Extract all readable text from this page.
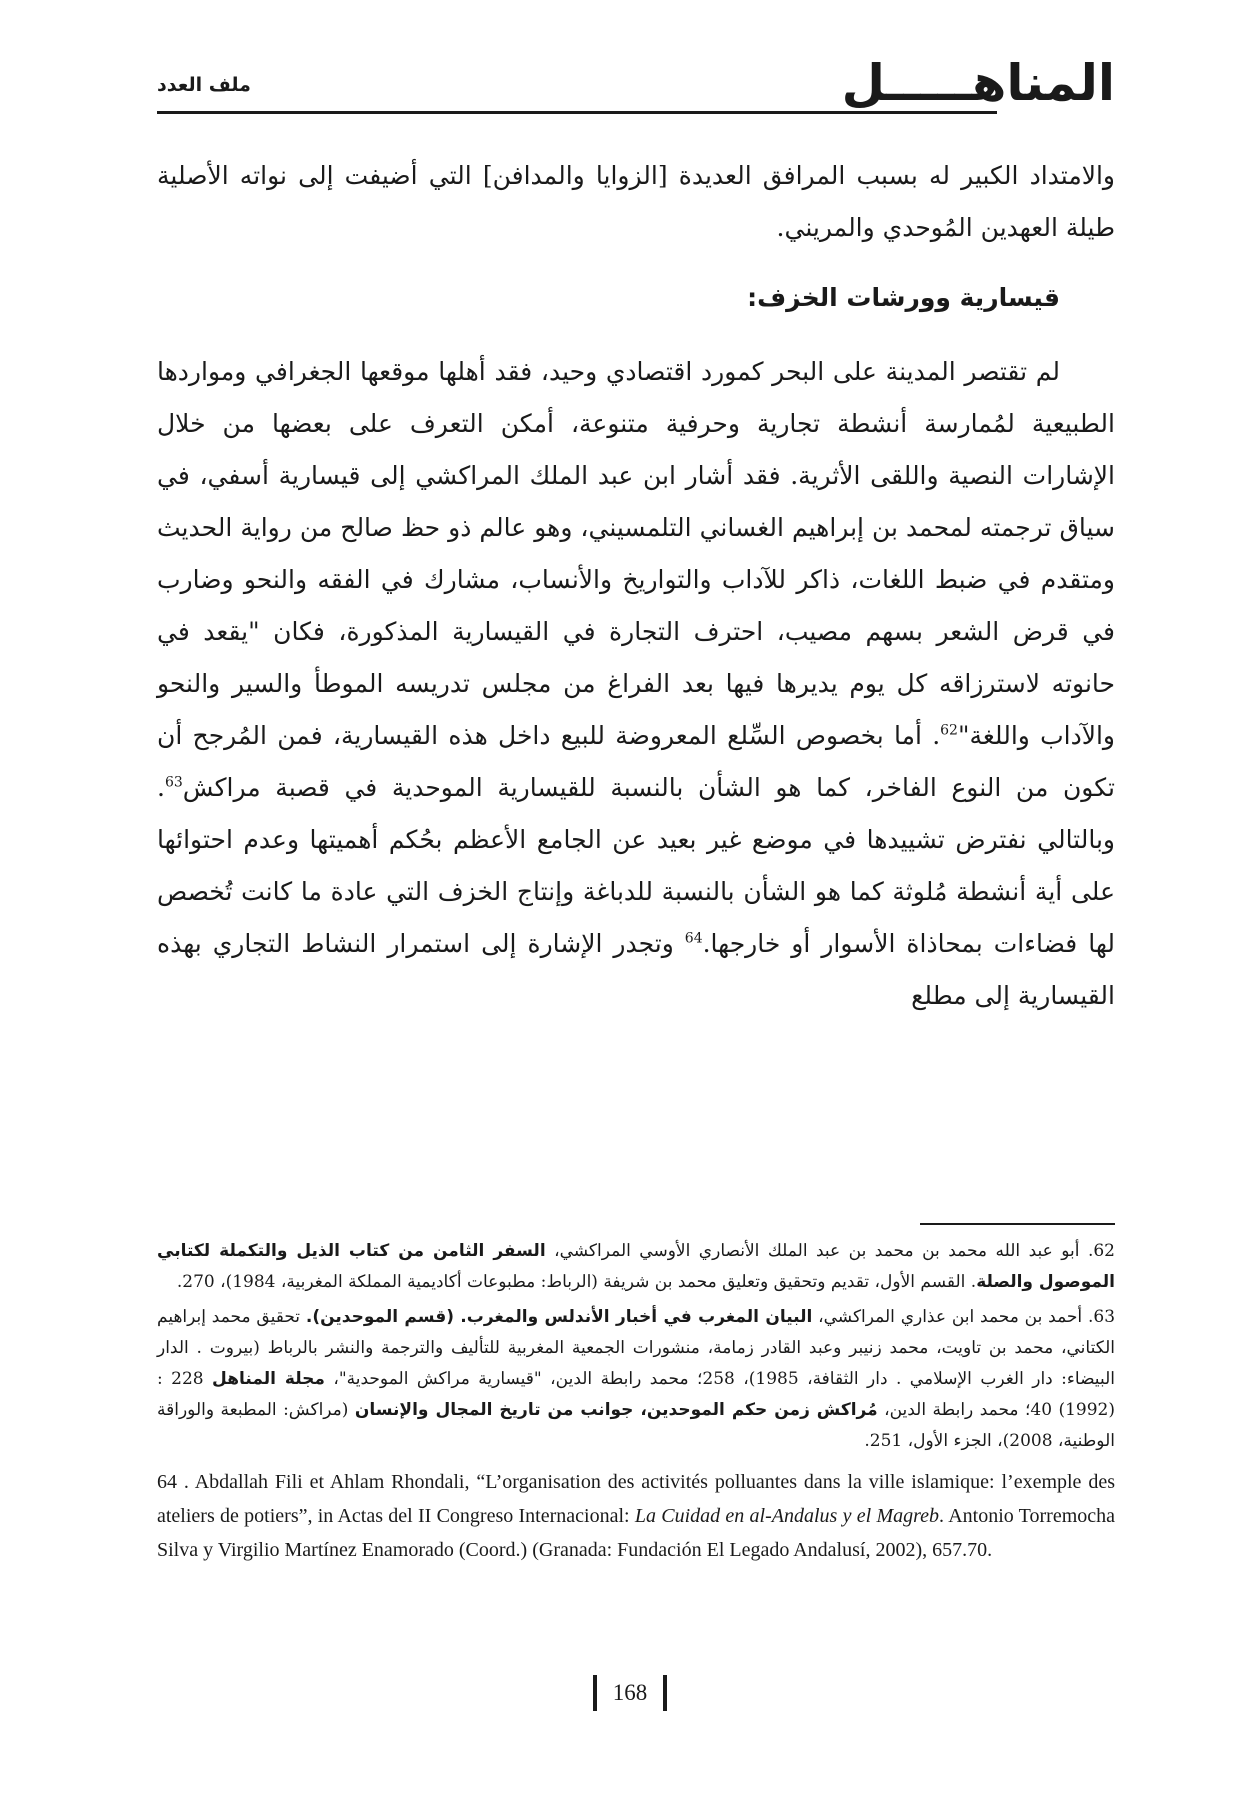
ملف العدد	المناهـــــل

والامتداد الكبير له بسبب المرافق العديدة [الزوايا والمدافن] التي أضيفت إلى نواته الأصلية طيلة العهدين المُوحدي والمريني.

قيسارية وورشات الخزف:

لم تقتصر المدينة على البحر كمورد اقتصادي وحيد، فقد أهلها موقعها الجغرافي ومواردها الطبيعية لمُمارسة أنشطة تجارية وحرفية متنوعة، أمكن التعرف على بعضها من خلال الإشارات النصية واللقى الأثرية. فقد أشار ابن عبد الملك المراكشي إلى قيسارية أسفي، في سياق ترجمته لمحمد بن إبراهيم الغساني التلمسيني، وهو عالم ذو حظ صالح من رواية الحديث ومتقدم في ضبط اللغات، ذاكر للآداب والتواريخ والأنساب، مشارك في الفقه والنحو وضارب في قرض الشعر بسهم مصيب، احترف التجارة في القيسارية المذكورة، فكان "يقعد في حانوته لاسترزاقه كل يوم يديرها فيها بعد الفراغ من مجلس تدريسه الموطأ والسير والنحو والآداب واللغة"$^{62}$. أما بخصوص السِّلع المعروضة للبيع داخل هذه القيسارية، فمن المُرجح أن تكون من النوع الفاخر، كما هو الشأن بالنسبة للقيسارية الموحدية في قصبة مراكش$^{63}$. وبالتالي نفترض تشييدها في موضع غير بعيد عن الجامع الأعظم بحُكم أهميتها وعدم احتوائها على أية أنشطة مُلوثة كما هو الشأن بالنسبة للدباغة وإنتاج الخزف التي عادة ما كانت تُخصص لها فضاءات بمحاذاة الأسوار أو خارجها.$^{64}$ وتجدر الإشارة إلى استمرار النشاط التجاري بهذه القيسارية إلى مطلع

62. أبو عبد الله محمد بن محمد بن عبد الملك الأنصاري الأوسي المراكشي، السفر الثامن من كتاب الذيل والتكملة لكتابي الموصول والصلة. القسم الأول، تقديم وتحقيق وتعليق محمد بن شريفة (الرباط: مطبوعات أكاديمية المملكة المغربية، 1984)، 270.

63. أحمد بن محمد ابن عذاري المراكشي، البيان المغرب في أخبار الأندلس والمغرب. (قسم الموحدين). تحقيق محمد إبراهيم الكتاني، محمد بن تاويت، محمد زنيبر وعبد القادر زمامة، منشورات الجمعية المغربية للتأليف والترجمة والنشر بالرباط (بيروت . الدار البيضاء: دار الغرب الإسلامي . دار الثقافة، 1985)، 258؛ محمد رابطة الدين، "قيسارية مراكش الموحدية"، مجلة المناهل 228 :(1992) 40؛ محمد رابطة الدين، مُراكش زمن حكم الموحدين، جوانب من تاريخ المجال والإنسان (مراكش: المطبعة والوراقة الوطنية، 2008)، الجزء الأول، 251.

64 . Abdallah Fili et Ahlam Rhondali, “L’organisation des activités polluantes dans la ville islamique: l’exemple des ateliers de potiers”, in Actas del II Congreso Internacional: La Cuidad en al-Andalus y el Magreb. Antonio Torremocha Silva y Virgilio Martínez Enamorado (Coord.) (Granada: Fundación El Legado Andalusí, 2002), 657.70.

168
